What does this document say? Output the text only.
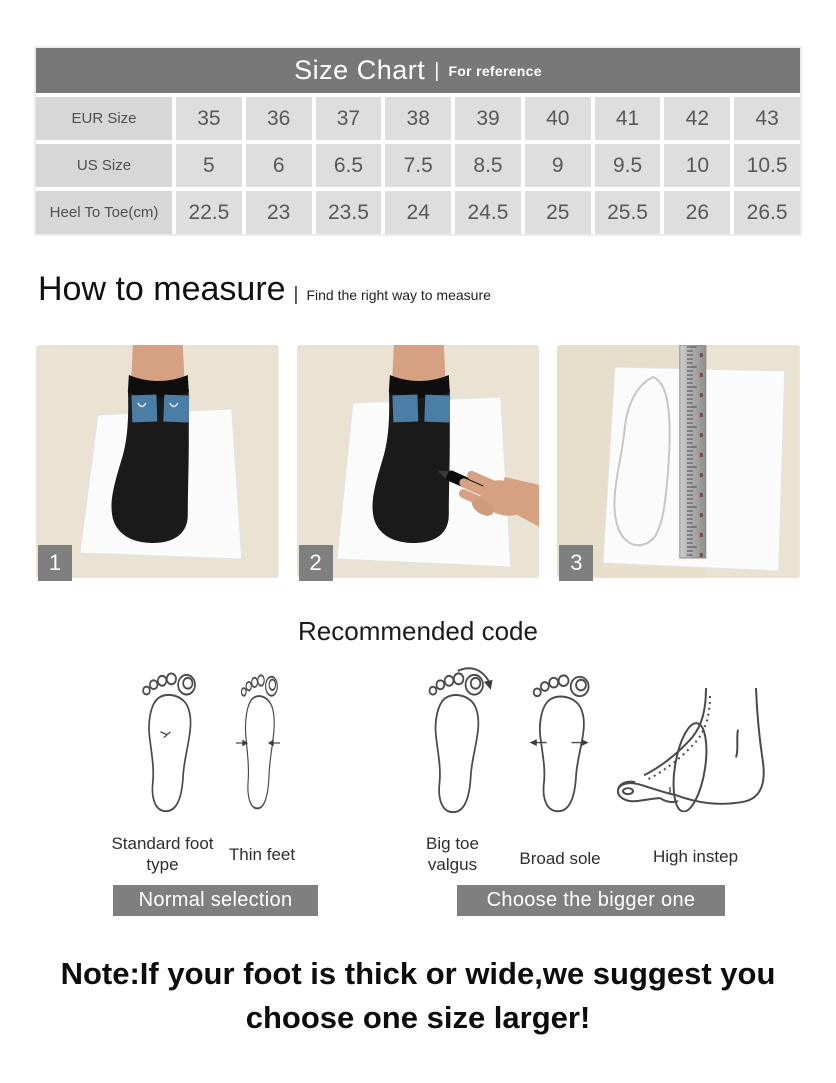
Size Chart | For reference
EUR Size	35	36	37	38	39	40	41	42	43
US Size	5	6	6.5	7.5	8.5	9	9.5	10	10.5
Heel To Toe(cm)	22.5	23	23.5	24	24.5	25	25.5	26	26.5
How to measure | Find the right way to measure
1	2	3
Recommended code
Standard foot type
Thin feet
Big toe valgus	Broad sole	High instep
Normal selection	Choose the bigger one
Note:If your foot is thick or wide,we suggest you
choose one size larger!
